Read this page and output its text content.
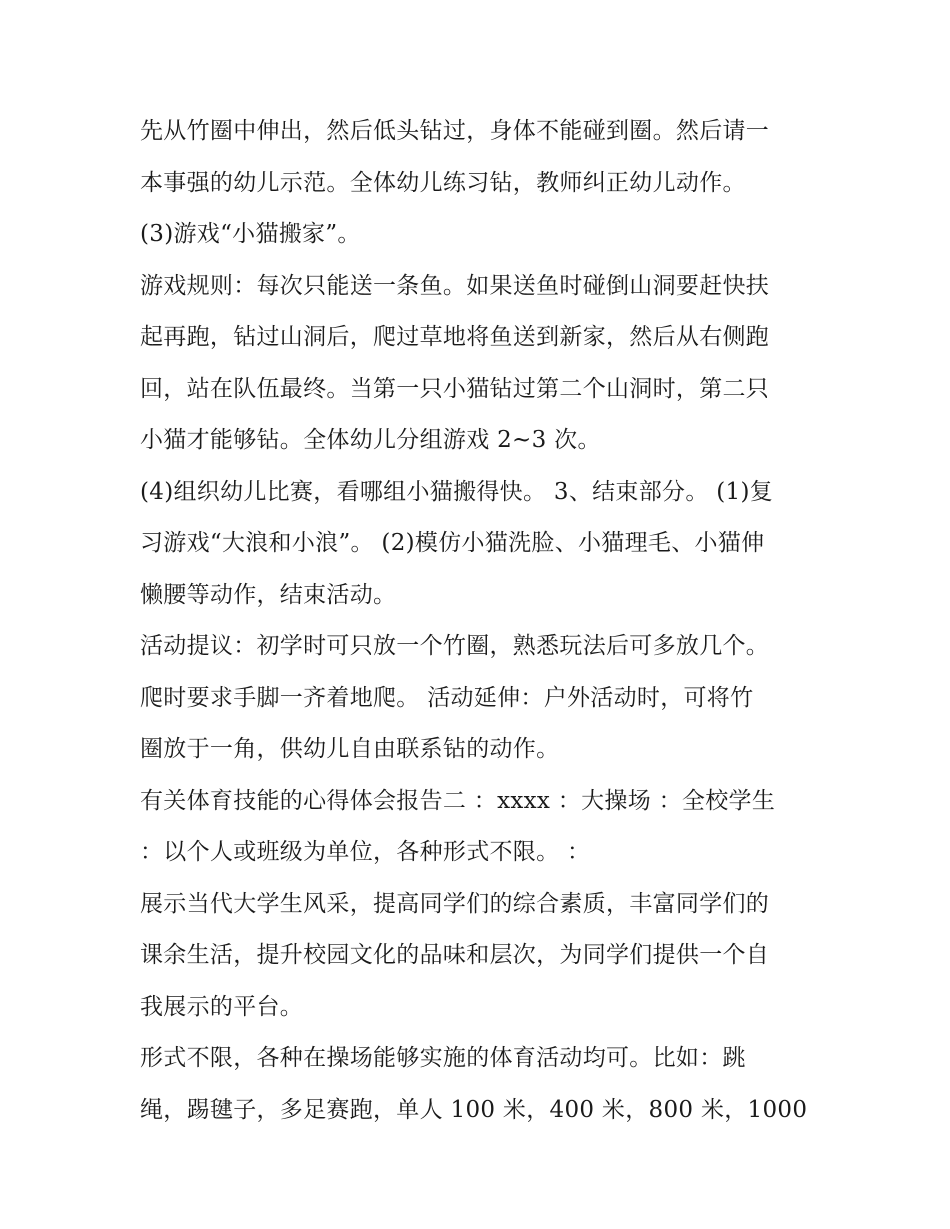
先从竹圈中伸出，然后低头钻过，身体不能碰到圈。然后请一
本事强的幼儿示范。全体幼儿练习钻，教师纠正幼儿动作。
(3)游戏“小猫搬家”。
游戏规则：每次只能送一条鱼。如果送鱼时碰倒山洞要赶快扶
起再跑，钻过山洞后，爬过草地将鱼送到新家，然后从右侧跑
回，站在队伍最终。当第一只小猫钻过第二个山洞时，第二只
小猫才能够钻。全体幼儿分组游戏 2~3 次。
(4)组织幼儿比赛，看哪组小猫搬得快。 3、结束部分。 (1)复
习游戏“大浪和小浪”。 (2)模仿小猫洗脸、小猫理毛、小猫伸
懒腰等动作，结束活动。
活动提议：初学时可只放一个竹圈，熟悉玩法后可多放几个。
爬时要求手脚一齐着地爬。 活动延伸：户外活动时，可将竹
圈放于一角，供幼儿自由联系钻的动作。
有关体育技能的心得体会报告二 ：xxxx ：大操场 ：全校学生
：以个人或班级为单位，各种形式不限。 ：
展示当代大学生风采，提高同学们的综合素质，丰富同学们的
课余生活，提升校园文化的品味和层次，为同学们提供一个自
我展示的平台。
形式不限，各种在操场能够实施的体育活动均可。比如：跳
绳，踢毽子，多足赛跑，单人 100 米，400 米，800 米，1000
